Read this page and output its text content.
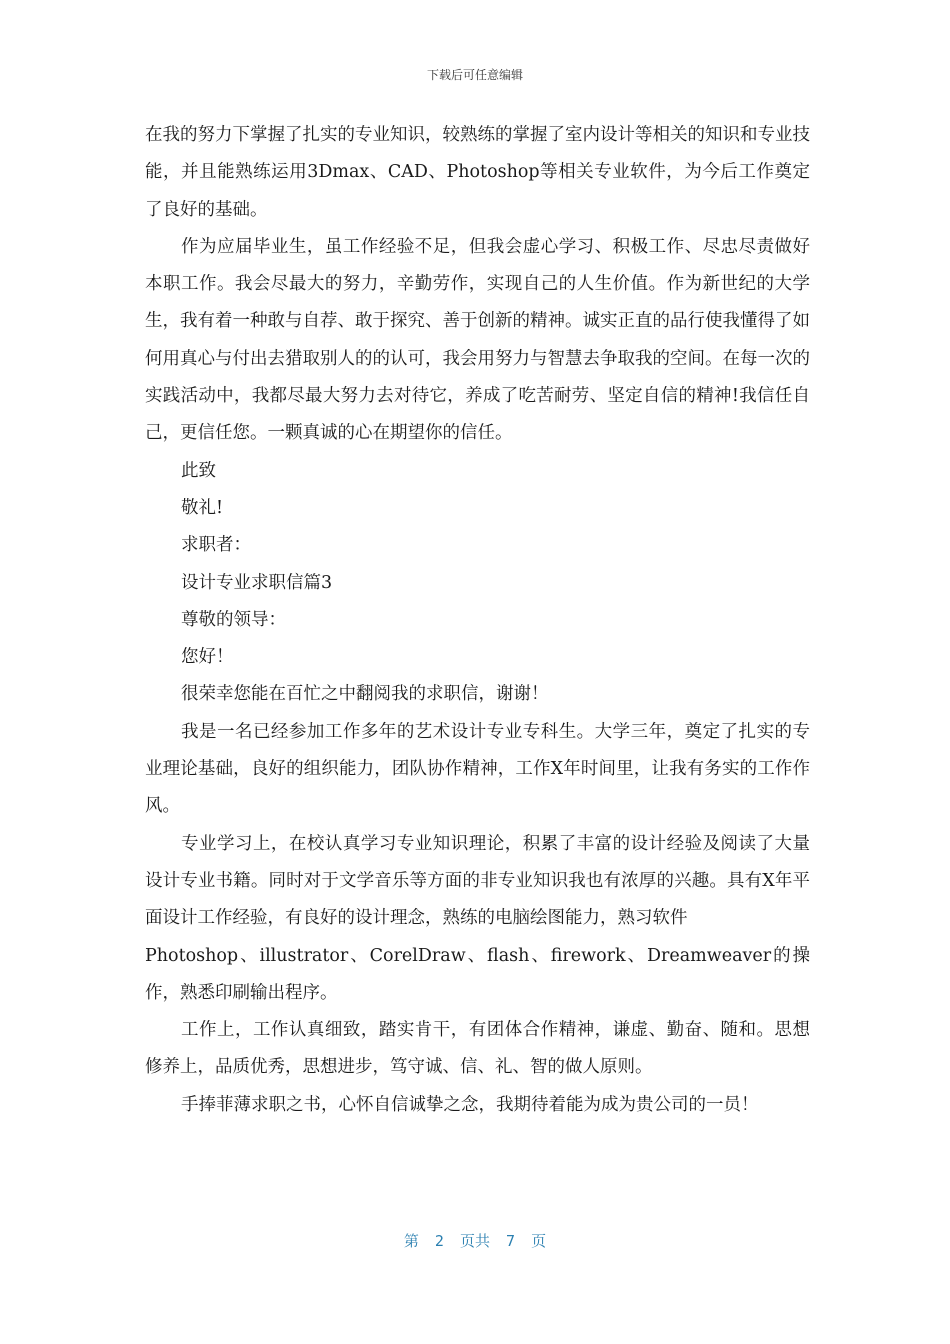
下载后可任意编辑

在我的努力下掌握了扎实的专业知识，较熟练的掌握了室内设计等相关的知识和专业技能，并且能熟练运用3Dmax、CAD、Photoshop等相关专业软件，为今后工作奠定了良好的基础。

作为应届毕业生，虽工作经验不足，但我会虚心学习、积极工作、尽忠尽责做好本职工作。我会尽最大的努力，辛勤劳作，实现自己的人生价值。作为新世纪的大学生，我有着一种敢与自荐、敢于探究、善于创新的精神。诚实正直的品行使我懂得了如何用真心与付出去猎取别人的的认可，我会用努力与智慧去争取我的空间。在每一次的实践活动中，我都尽最大努力去对待它，养成了吃苦耐劳、坚定自信的精神!我信任自己，更信任您。一颗真诚的心在期望你的信任。

此致

敬礼!

求职者：

设计专业求职信篇3

尊敬的领导：

您好！

很荣幸您能在百忙之中翻阅我的求职信，谢谢！

我是一名已经参加工作多年的艺术设计专业专科生。大学三年，奠定了扎实的专业理论基础，良好的组织能力，团队协作精神，工作X年时间里，让我有务实的工作作风。

专业学习上，在校认真学习专业知识理论，积累了丰富的设计经验及阅读了大量设计专业书籍。同时对于文学音乐等方面的非专业知识我也有浓厚的兴趣。具有X年平面设计工作经验，有良好的设计理念，熟练的电脑绘图能力，熟习软件

Photoshop、illustrator、CorelDraw、flash、firework、Dreamweaver的操作，熟悉印刷输出程序。

工作上，工作认真细致，踏实肯干，有团体合作精神，谦虚、勤奋、随和。思想修养上，品质优秀，思想进步，笃守诚、信、礼、智的做人原则。

手捧菲薄求职之书，心怀自信诚挚之念，我期待着能为成为贵公司的一员！

第 2 页共 7 页
